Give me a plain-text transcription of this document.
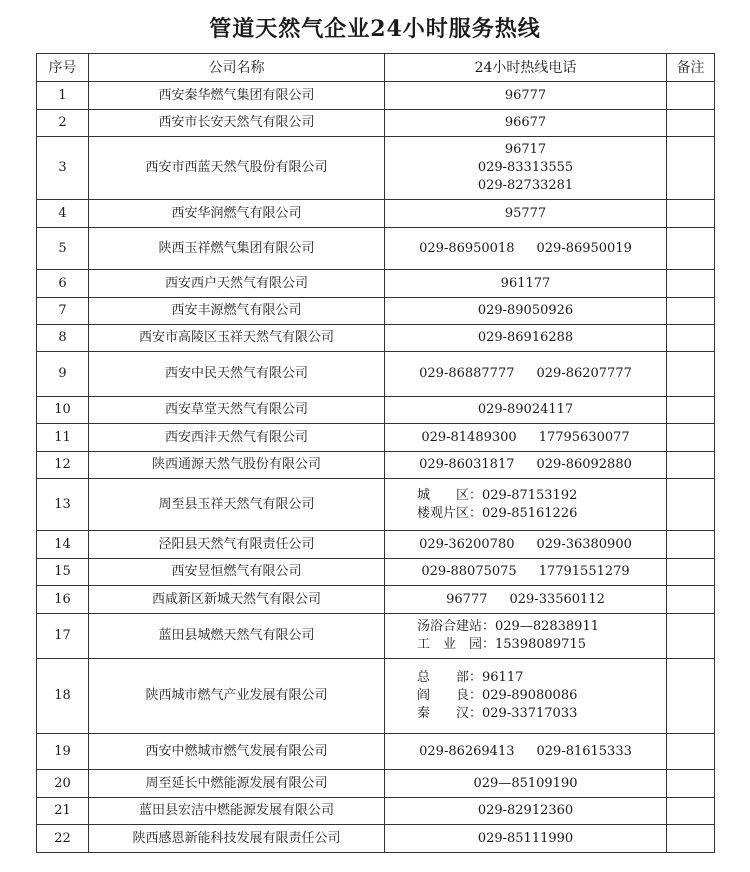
管道天然气企业24小时服务热线
序号	公司名称	24小时热线电话	备注
1	西安秦华燃气集团有限公司	96777	
2	西安市长安天然气有限公司	96677	
3	西安市西蓝天然气股份有限公司	96717
029-83313555
029-82733281	

4	西安华润燃气有限公司	95777	
5	陕西玉祥燃气集团有限公司	029-86950018 029-86950019	
6	西安西户天然气有限公司	961177	
7	西安丰源燃气有限公司	029-89050926	
8	西安市高陵区玉祥天然气有限公司	029-86916288	
9	西安中民天然气有限公司	029-86887777 029-86207777	
10	西安草堂天然气有限公司	029-89024117	
11	西安西沣天然气有限公司	029-81489300 17795630077	
12	陕西通源天然气股份有限公司	029-86031817 029-86092880	
13	周至县玉祥天然气有限公司	城　　区：029-87153192
楼观片区：029-85161226	

14	泾阳县天然气有限责任公司	029-36200780 029-36380900	
15	西安昱恒燃气有限公司	029-88075075 17791551279	
16	西咸新区新城天然气有限公司	96777 029-33560112	
17	蓝田县城燃天然气有限公司	汤浴合建站：029—82838911
工　业　园：15398089715	

18	陕西城市燃气产业发展有限公司	总　　部：96117
阎　　良：029-89080086
秦　　汉：029-33717033	

19	西安中燃城市燃气发展有限公司	029-86269413 029-81615333	
20	周至延长中燃能源发展有限公司	029—85109190	
21	蓝田县宏洁中燃能源发展有限公司	029-82912360	
22	陕西感恩新能科技发展有限责任公司	029-85111990	
